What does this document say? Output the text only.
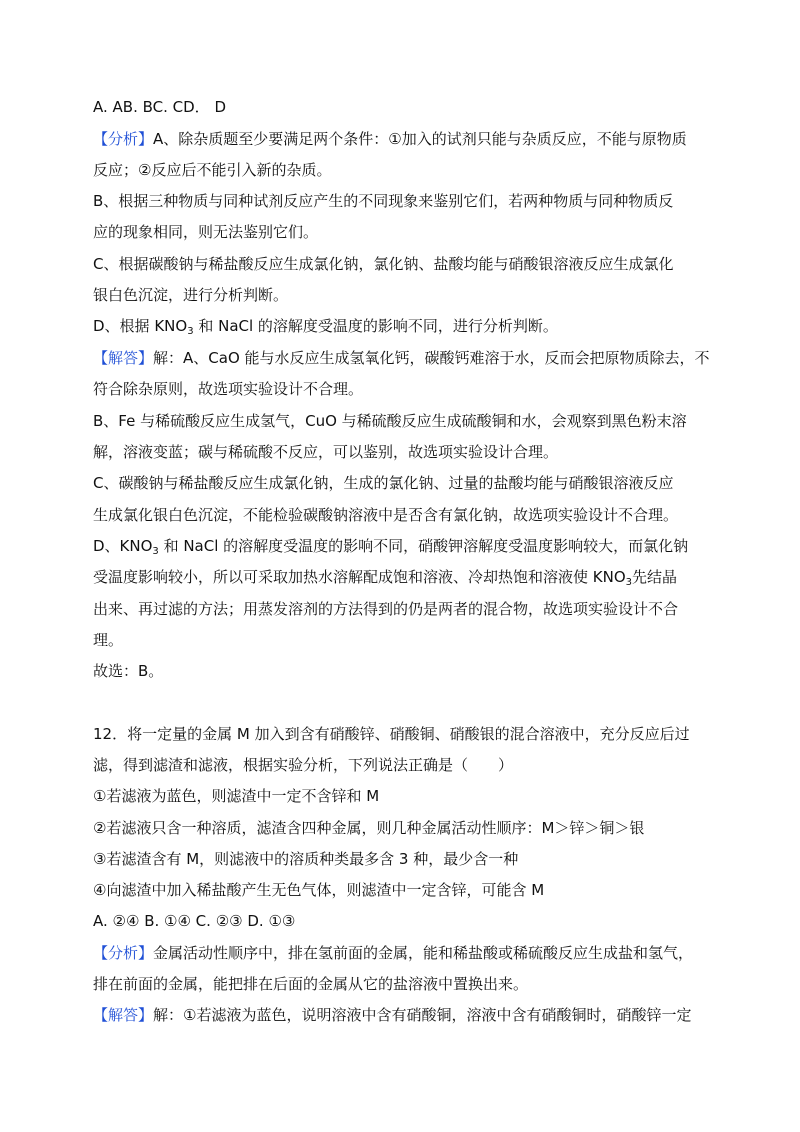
A. AB. BC. CD． D
【分析】A、除杂质题至少要满足两个条件：①加入的试剂只能与杂质反应，不能与原物质
反应；②反应后不能引入新的杂质。
B、根据三种物质与同种试剂反应产生的不同现象来鉴别它们，若两种物质与同种物质反
应的现象相同，则无法鉴别它们。
C、根据碳酸钠与稀盐酸反应生成氯化钠，氯化钠、盐酸均能与硝酸银溶液反应生成氯化
银白色沉淀，进行分析判断。
D、根据 $KNO_3$ 和 NaCl 的溶解度受温度的影响不同，进行分析判断。
【解答】解：A、CaO 能与水反应生成氢氧化钙，碳酸钙难溶于水，反而会把原物质除去，不
符合除杂原则，故选项实验设计不合理。
B、Fe 与稀硫酸反应生成氢气，CuO 与稀硫酸反应生成硫酸铜和水，会观察到黑色粉末溶
解，溶液变蓝；碳与稀硫酸不反应，可以鉴别，故选项实验设计合理。
C、碳酸钠与稀盐酸反应生成氯化钠，生成的氯化钠、过量的盐酸均能与硝酸银溶液反应
生成氯化银白色沉淀，不能检验碳酸钠溶液中是否含有氯化钠，故选项实验设计不合理。
D、$KNO_3$ 和 NaCl 的溶解度受温度的影响不同，硝酸钾溶解度受温度影响较大，而氯化钠
受温度影响较小，所以可采取加热水溶解配成饱和溶液、冷却热饱和溶液使 $KNO_3$先结晶
出来、再过滤的方法；用蒸发溶剂的方法得到的仍是两者的混合物，故选项实验设计不合
理。
故选：B。
12．将一定量的金属 M 加入到含有硝酸锌、硝酸铜、硝酸银的混合溶液中，充分反应后过
滤，得到滤渣和滤液，根据实验分析，下列说法正确是（　　）
①若滤液为蓝色，则滤渣中一定不含锌和 M
②若滤液只含一种溶质，滤渣含四种金属，则几种金属活动性顺序：M＞锌＞铜＞银
③若滤渣含有 M，则滤液中的溶质种类最多含 3 种，最少含一种
④向滤渣中加入稀盐酸产生无色气体，则滤渣中一定含锌，可能含 M
A. ②④ B. ①④ C. ②③ D. ①③
【分析】金属活动性顺序中，排在氢前面的金属，能和稀盐酸或稀硫酸反应生成盐和氢气，
排在前面的金属，能把排在后面的金属从它的盐溶液中置换出来。
【解答】解：①若滤液为蓝色，说明溶液中含有硝酸铜，溶液中含有硝酸铜时，硝酸锌一定
